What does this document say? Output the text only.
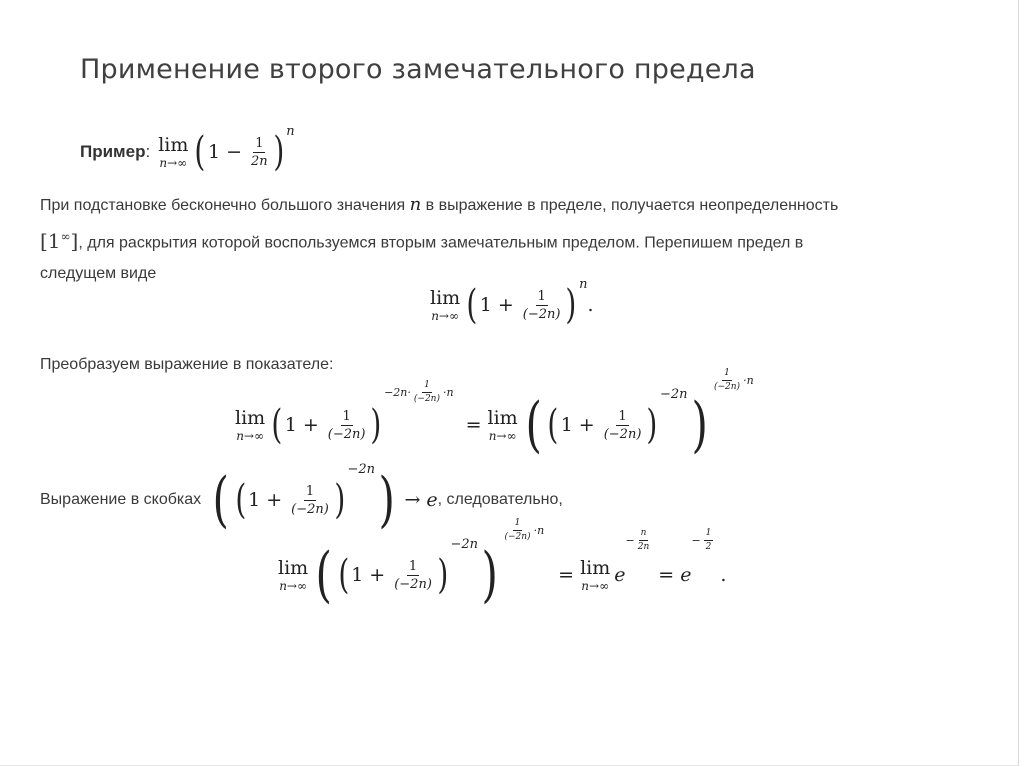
Применение второго замечательного предела
Пример : lim
n→∞ ( $1 - \frac{1}{2n}$ ) n
При подстановке бесконечно большого значения n в выражение в пределе, получается неопределенность
[1∞], для раскрытия которой воспользуемся вторым замечательным пределом. Перепишем предел в
следущем виде
lim
n→∞ ( $1 + \frac{1}{(-2n)}$ ) n
.
Преобразуем выражение в показателе:
lim
n→∞ ( $1 + \frac{1}{(-2n)}$ )
$-2n\cdot \frac{1}{(-2n)} \cdot n$
= lim
n→∞ ( ( $1 + \frac{1}{(-2n)}$ )
−2n )
$\frac{1}{(-2n)} \cdot n$
Выражение в скобках ( ( $1 + \frac{1}{(-2n)}$ )
−2n ) → e , следовательно,
lim
n→∞ ( ( $1 + \frac{1}{(-2n)}$ )
−2n )
$\frac{1}{(-2n)} \cdot n$
= lim
n→∞ e
− $\frac{n}{2n}$
= e
− $\frac{1}{2}$
.
